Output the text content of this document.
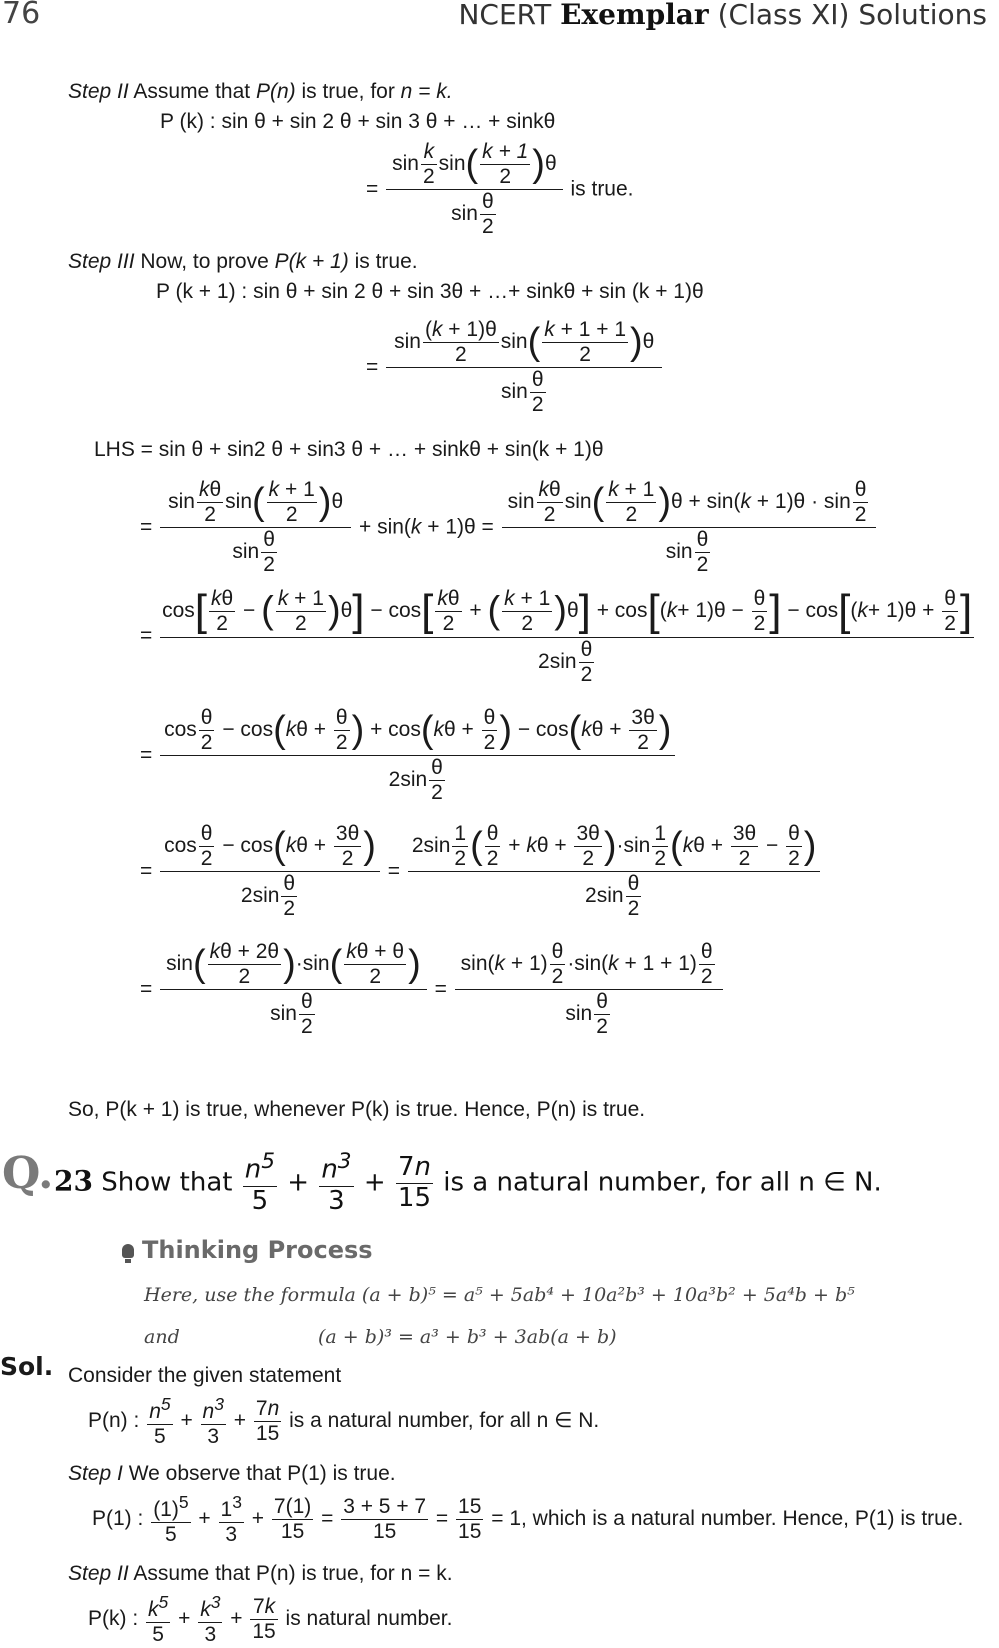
76	NCERT Exemplar (Class XI) Solutions
Step II Assume that P(n) is true, for n = k.
P (k) : sin θ + sin 2 θ + sin 3 θ + … + sinkθ
= $\frac{\sin \frac{k}{2} \sin( \frac{k + 1}{2} )\theta}{\sin \frac{\theta}{2}}$ is true.
Step III Now, to prove P(k + 1) is true.
P (k + 1) : sin θ + sin 2 θ + sin 3θ + …+ sinkθ + sin (k + 1)θ
= $\frac{\sin \frac{(k + 1)\theta}{2} \sin( \frac{k + 1 + 1}{2} )\theta}{\sin \frac{\theta}{2}}$
LHS = sin θ + sin2 θ + sin3 θ + … + sinkθ + sin(k + 1)θ
= $\frac{\sin \frac{k\theta}{2} \sin( \frac{k + 1}{2} )\theta}{\sin \frac{\theta}{2}} + \sin(k + 1)\theta = \frac{\sin \frac{k\theta}{2} \sin( \frac{k + 1}{2} )\theta + \sin(k + 1)\theta \cdot \sin \frac{\theta}{2}}{\sin \frac{\theta}{2}}$
=
$\cos[ \frac{k\theta}{2}$ − ( $\frac{k + 1}{2} )\theta] - \cos[ \frac{k\theta}{2}$ + ( $\frac{k + 1}{2} )\theta] + \cos[(k+ 1)\theta - \frac{\theta}{2}$ ] − $\cos[(k+ 1)\theta + \frac{\theta}{2}$ ]
$2\sin \frac{\theta}{2}$
= $\frac{\cos \frac{\theta}{2} - \cos(k\theta + \frac{\theta}{2} ) + \cos(k\theta + \frac{\theta}{2} ) - \cos(k\theta + \frac{3\theta}{2} )}{2\sin \frac{\theta}{2}}$
= $\frac{\cos \frac{\theta}{2} - \cos(k\theta + \frac{3\theta}{2} )}{2\sin \frac{\theta}{2}} = \frac{2\sin \frac{1}{2} ( \frac{\theta}{2} + k\theta + \frac{3\theta}{2} )\cdot\sin \frac{1}{2} (k\theta + \frac{3\theta}{2} - \frac{\theta}{2} )}{2\sin \frac{\theta}{2}}$
= $\frac{\sin( \frac{k\theta + 2\theta}{2} )\cdot\sin( \frac{k\theta + \theta}{2} )}{\sin \frac{\theta}{2}} = \frac{\sin(k + 1) \frac{\theta}{2} \cdot\sin(k + 1 + 1) \frac{\theta}{2}}{\sin \frac{\theta}{2}}$
So, P(k + 1) is true, whenever P(k) is true. Hence, P(n) is true.
Q. 23 Show that $\frac{n^5}{5} + \frac{n^3}{3} + \frac{7n}{15}$ is a natural number, for all n ∈ N.
Thinking Process
Here, use the formula (a + b)⁵ = a⁵ + 5ab⁴ + 10a²b³ + 10a³b² + 5a⁴b + b⁵
and	(a + b)³ = a³ + b³ + 3ab(a + b)
Sol. Consider the given statement
P(n) : $\frac{n^5}{5} + \frac{n^3}{3} + \frac{7n}{15}$ is a natural number, for all n ∈ N.
Step I We observe that P(1) is true.
P(1) : $\frac{(1)^5}{5} + \frac{1^3}{3} + \frac{7(1)}{15} = \frac{3 + 5 + 7}{15} = \frac{15}{15} = 1$, which is a natural number. Hence, P(1) is true.
Step II Assume that P(n) is true, for n = k.
P(k) : $\frac{k^5}{5} + \frac{k^3}{3} + \frac{7k}{15}$ is natural number.
